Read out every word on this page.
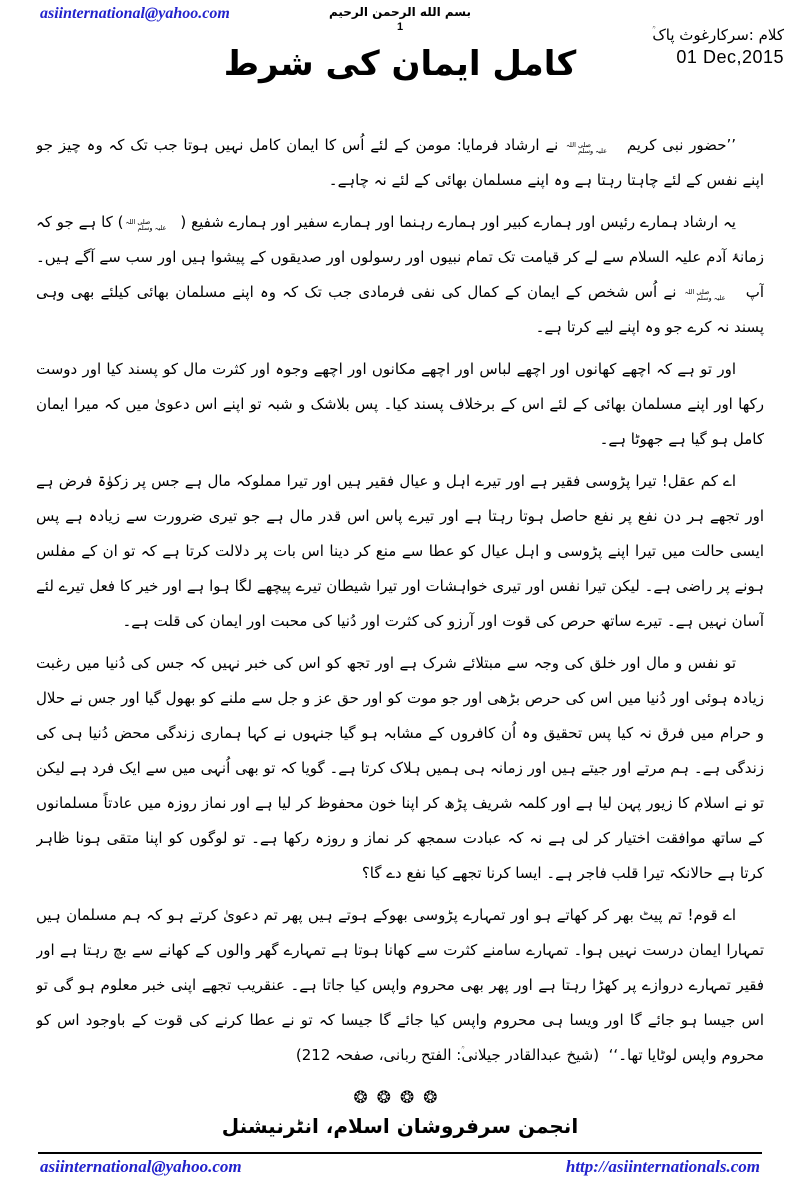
asiinternational@yahoo.com	بسم الله الرحمن الرحيم
1	کلام :سرکارغوث پاک
01 Dec,2015
کامل ایمان کی شرط

’’حضور نبی کریم صلی اللہ
علیہ وسلم نے ارشاد فرمایا: مومن کے لئے اُس کا ایمان کامل نہیں ہوتا جب تک کہ وہ چیز جو اپنے نفس کے لئے چاہتا رہتا ہے وہ اپنے مسلمان بھائی کے لئے نہ چاہے۔

یہ ارشاد ہمارے رئیس اور ہمارے کبیر اور ہمارے رہنما اور ہمارے سفیر اور ہمارے شفیع (صلی اللہ
علیہ وسلم) کا ہے جو کہ زمانۂ آدم علیہ السلام سے لے کر قیامت تک تمام نبیوں اور رسولوں اور صدیقوں کے پیشوا ہیں اور سب سے آگے ہیں۔ آپ صلی اللہ
علیہ وسلم نے اُس شخص کے ایمان کے کمال کی نفی فرمادی جب تک کہ وہ اپنے مسلمان بھائی کیلئے بھی وہی پسند نہ کرے جو وہ اپنے لیے کرتا ہے۔

اور تو ہے کہ اچھے کھانوں اور اچھے لباس اور اچھے مکانوں اور اچھے وجوہ اور کثرت مال کو پسند کیا اور دوست رکھا اور اپنے مسلمان بھائی کے لئے اس کے برخلاف پسند کیا۔ پس بلاشک و شبہ تو اپنے اس دعویٰ میں کہ میرا ایمان کامل ہو گیا ہے جھوٹا ہے۔

اے کم عقل! تیرا پڑوسی فقیر ہے اور تیرے اہل و عیال فقیر ہیں اور تیرا مملوکہ مال ہے جس پر زکوٰۃ فرض ہے اور تجھے ہر دن نفع پر نفع حاصل ہوتا رہتا ہے اور تیرے پاس اس قدر مال ہے جو تیری ضرورت سے زیادہ ہے پس ایسی حالت میں تیرا اپنے پڑوسی و اہل عیال کو عطا سے منع کر دینا اس بات پر دلالت کرتا ہے کہ تو ان کے مفلس ہونے پر راضی ہے۔ لیکن تیرا نفس اور تیری خواہشات اور تیرا شیطان تیرے پیچھے لگا ہوا ہے اور خیر کا فعل تیرے لئے آسان نہیں ہے۔ تیرے ساتھ حرص کی قوت اور آرزو کی کثرت اور دُنیا کی محبت اور ایمان کی قلت ہے۔

تو نفس و مال اور خلق کی وجہ سے مبتلائے شرک ہے اور تجھ کو اس کی خبر نہیں کہ جس کی دُنیا میں رغبت زیادہ ہوئی اور دُنیا میں اس کی حرص بڑھی اور جو موت کو اور حق عز و جل سے ملنے کو بھول گیا اور جس نے حلال و حرام میں فرق نہ کیا پس تحقیق وہ اُن کافروں کے مشابہ ہو گیا جنہوں نے کہا ہماری زندگی محض دُنیا ہی کی زندگی ہے۔ ہم مرتے اور جیتے ہیں اور زمانہ ہی ہمیں ہلاک کرتا ہے۔ گویا کہ تو بھی اُنہی میں سے ایک فرد ہے لیکن تو نے اسلام کا زیور پہن لیا ہے اور کلمہ شریف پڑھ کر اپنا خون محفوظ کر لیا ہے اور نماز روزہ میں عادتاً مسلمانوں کے ساتھ موافقت اختیار کر لی ہے نہ کہ عبادت سمجھ کر نماز و روزہ رکھا ہے۔ تو لوگوں کو اپنا متقی ہونا ظاہر کرتا ہے حالانکہ تیرا قلب فاجر ہے۔ ایسا کرنا تجھے کیا نفع دے گا؟

اے قوم! تم پیٹ بھر کر کھاتے ہو اور تمہارے پڑوسی بھوکے ہوتے ہیں پھر تم دعویٰ کرتے ہو کہ ہم مسلمان ہیں تمہارا ایمان درست نہیں ہوا۔ تمہارے سامنے کثرت سے کھانا ہوتا ہے تمہارے گھر والوں کے کھانے سے بچ رہتا ہے اور فقیر تمہارے دروازے پر کھڑا رہتا ہے اور پھر بھی محروم واپس کیا جاتا ہے۔ عنقریب تجھے اپنی خبر معلوم ہو گی تو اس جیسا ہو جائے گا اور ویسا ہی محروم واپس کیا جائے گا جیسا کہ تو نے عطا کرنے کی قوت کے باوجود اس کو محروم واپس لوٹایا تھا۔‘‘  (شیخ عبدالقادر جیلانی: الفتح ربانی، صفحہ 212)

❂❂❂❂
انجمن سرفروشان اسلام، انٹرنیشنل
asiinternational@yahoo.com	http://asiinternationals.com
